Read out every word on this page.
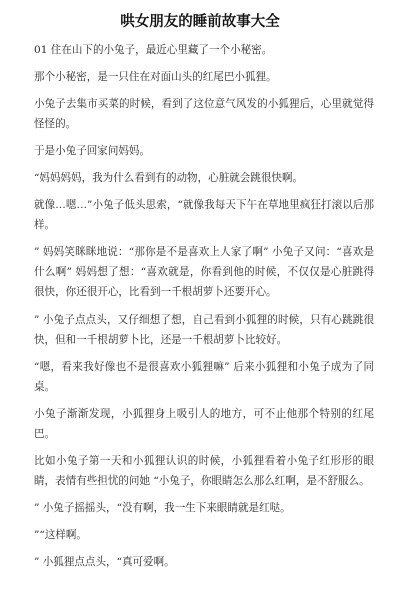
哄女朋友的睡前故事大全

01 住在山下的小兔子，最近心里藏了一个小秘密。

那个小秘密，是一只住在对面山头的红尾巴小狐狸。

小兔子去集市买菜的时候，看到了这位意气风发的小狐狸后，心里就觉得怪怪的。

于是小兔子回家问妈妈。

“妈妈妈妈，我为什么看到有的动物，心脏就会跳很快啊。

就像…嗯…”小兔子低头思索，“就像我每天下午在草地里疯狂打滚以后那样。

” 妈妈笑眯眯地说：“那你是不是喜欢上人家了啊” 小兔子又问：“喜欢是什么啊” 妈妈想了想：“喜欢就是，你看到他的时候，不仅仅是心脏跳得很快，你还很开心，比看到一千根胡萝卜还要开心。

” 小兔子点点头，又仔细想了想，自己看到小狐狸的时候，只有心跳跳很快，但和一千根胡萝卜比，还是一千根胡萝卜比较好。

“嗯，看来我好像也不是很喜欢小狐狸嘛” 后来小狐狸和小兔子成为了同桌。

小兔子渐渐发现，小狐狸身上吸引人的地方，可不止他那个特别的红尾巴。

比如小兔子第一天和小狐狸认识的时候，小狐狸看着小兔子红形形的眼睛，表情有些担忧的问她 “小兔子，你眼睛怎么那么红啊，是不舒服么。

” 小兔子摇摇头，“没有啊，我一生下来眼睛就是红哒。

”“这样啊。

” 小狐狸点点头，“真可爱啊。
